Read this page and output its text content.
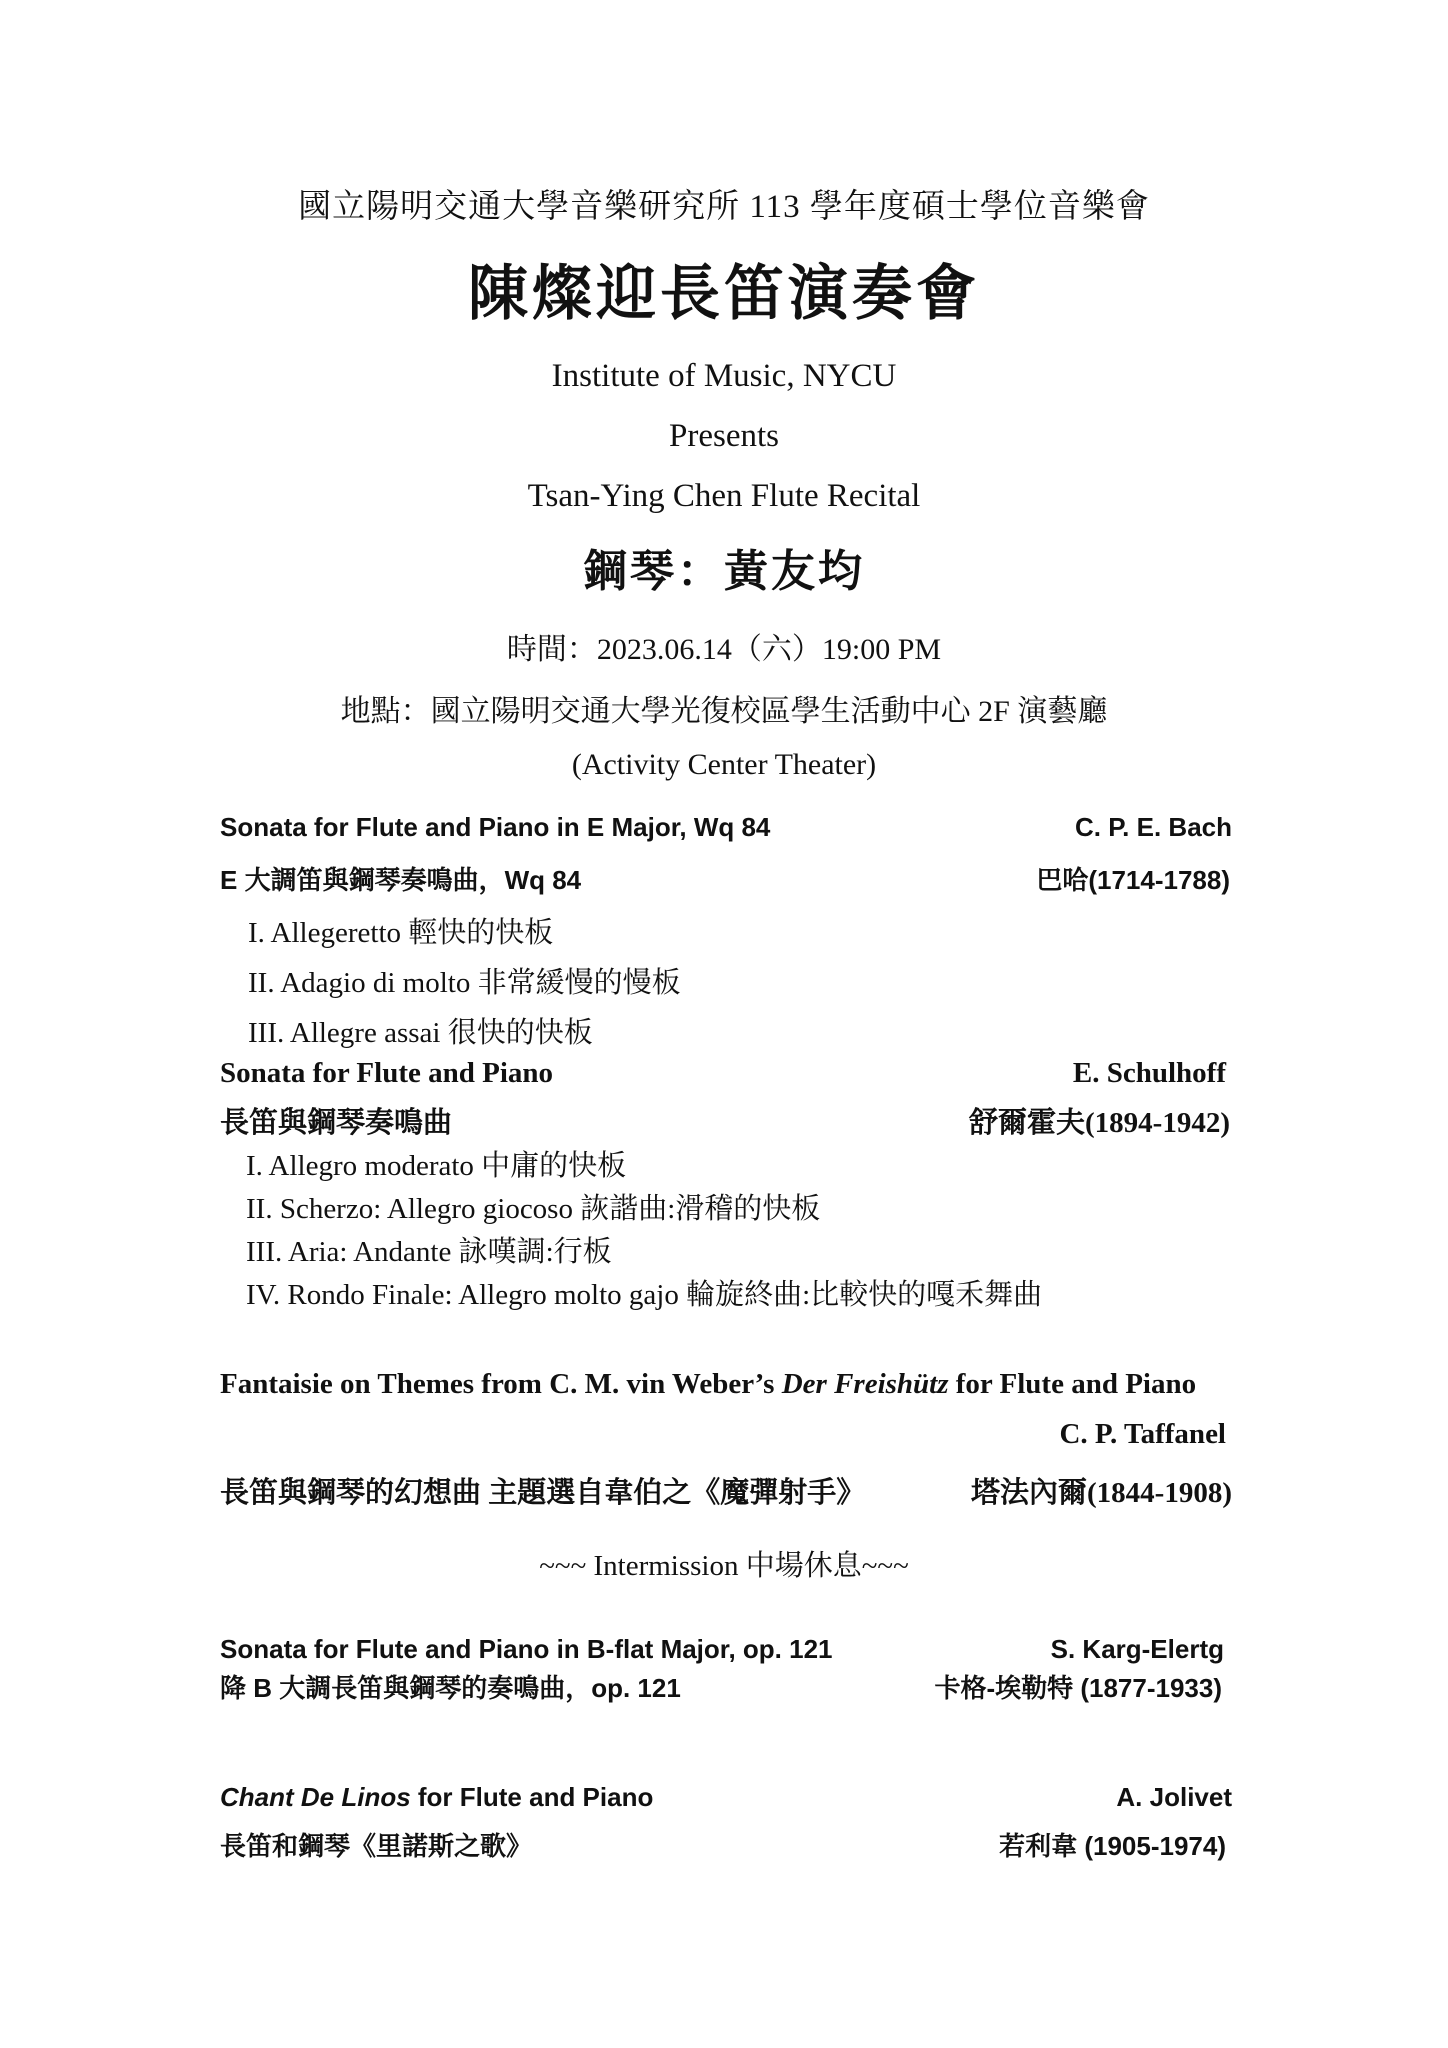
國立陽明交通大學音樂研究所 113 學年度碩士學位音樂會
陳燦迎長笛演奏會
Institute of Music, NYCU
Presents
Tsan-Ying Chen Flute Recital
鋼琴：黃友均
時間：2023.06.14（六）19:00 PM
地點：國立陽明交通大學光復校區學生活動中心 2F 演藝廳
(Activity Center Theater)
Sonata for Flute and Piano in E Major, Wq 84	C. P. E. Bach
E 大調笛與鋼琴奏鳴曲，Wq 84	巴哈(1714-1788)
I. Allegeretto 輕快的快板
II. Adagio di molto 非常緩慢的慢板
III. Allegre assai 很快的快板
Sonata for Flute and Piano	E. Schulhoff
長笛與鋼琴奏鳴曲	舒爾霍夫(1894-1942)
I. Allegro moderato 中庸的快板
II. Scherzo: Allegro giocoso 詼諧曲:滑稽的快板
III. Aria: Andante 詠嘆調:行板
IV. Rondo Finale: Allegro molto gajo 輪旋終曲:比較快的嘎禾舞曲
Fantaisie on Themes from C. M. vin Weber’s Der Freishütz for Flute and Piano
C. P. Taffanel
長笛與鋼琴的幻想曲 主題選自韋伯之《魔彈射手》	塔法內爾(1844-1908)
~~~ Intermission 中場休息~~~
Sonata for Flute and Piano in B-flat Major, op. 121	S. Karg-Elertg
降 B 大調長笛與鋼琴的奏鳴曲，op. 121	卡格-埃勒特 (1877-1933)
Chant De Linos for Flute and Piano	A. Jolivet
長笛和鋼琴《里諾斯之歌》	若利韋 (1905-1974)
